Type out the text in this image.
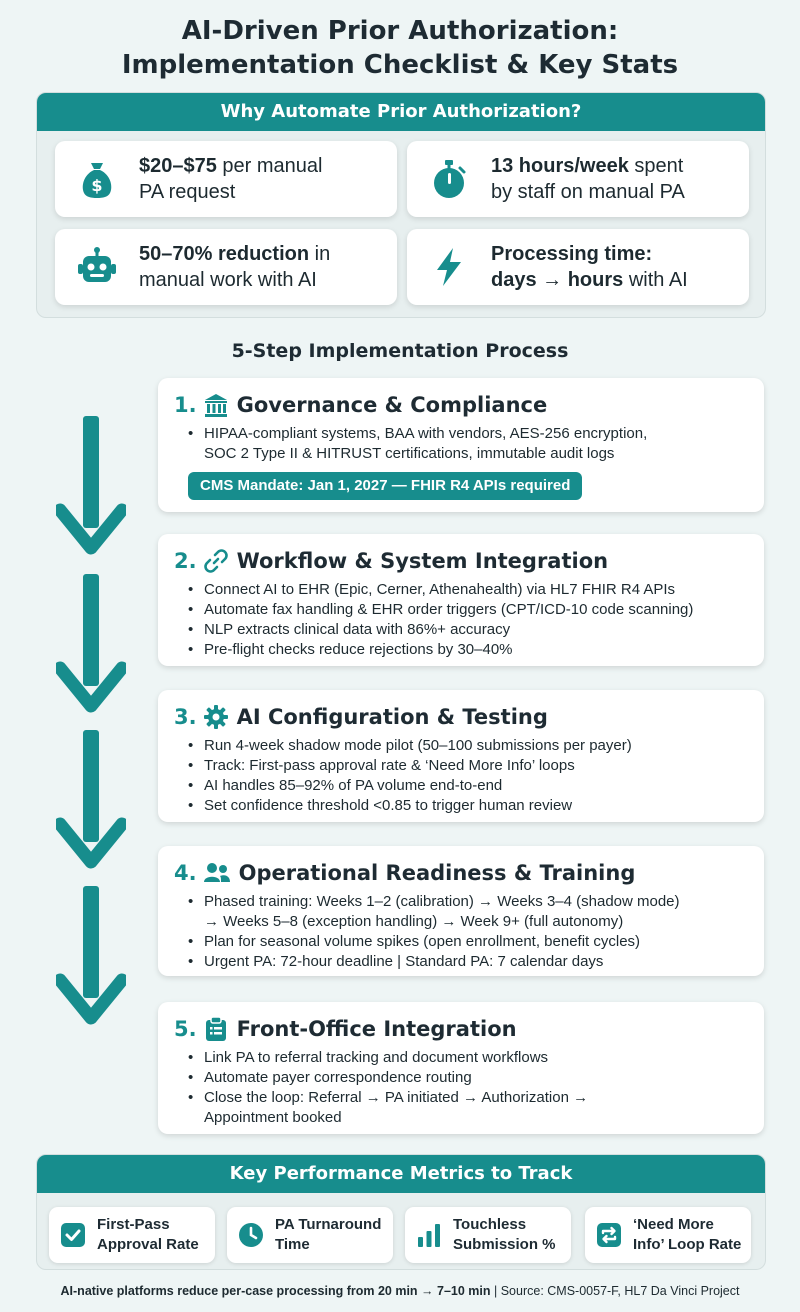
AI-Driven Prior Authorization:
Implementation Checklist & Key Stats
Why Automate Prior Authorization?
$
$20–$75 per manual
PA request
13 hours/week spent
by staff on manual PA
50–70% reduction in
manual work with AI
Processing time:
days → hours with AI
5-Step Implementation Process
1. Governance & Compliance
• HIPAA-compliant systems, BAA with vendors, AES-256 encryption,
SOC 2 Type II & HITRUST certifications, immutable audit logs
CMS Mandate: Jan 1, 2027 — FHIR R4 APIs required
2. Workflow & System Integration
• Connect AI to EHR (Epic, Cerner, Athenahealth) via HL7 FHIR R4 APIs
• Automate fax handling & EHR order triggers (CPT/ICD-10 code scanning)
• NLP extracts clinical data with 86%+ accuracy
• Pre-flight checks reduce rejections by 30–40%
3. AI Configuration & Testing
• Run 4-week shadow mode pilot (50–100 submissions per payer)
• Track: First-pass approval rate & ‘Need More Info’ loops
• AI handles 85–92% of PA volume end-to-end
• Set confidence threshold <0.85 to trigger human review
4. Operational Readiness & Training
• Phased training: Weeks 1–2 (calibration) → Weeks 3–4 (shadow mode)
→ Weeks 5–8 (exception handling) → Week 9+ (full autonomy)
• Plan for seasonal volume spikes (open enrollment, benefit cycles)
• Urgent PA: 72-hour deadline | Standard PA: 7 calendar days
5. Front-Office Integration
• Link PA to referral tracking and document workflows
• Automate payer correspondence routing
• Close the loop: Referral → PA initiated → Authorization →
Appointment booked
Key Performance Metrics to Track
First-Pass
Approval Rate
PA Turnaround
Time
Touchless
Submission %
‘Need More
Info’ Loop Rate
AI-native platforms reduce per-case processing from 20 min → 7–10 min | Source: CMS-0057-F, HL7 Da Vinci Project
